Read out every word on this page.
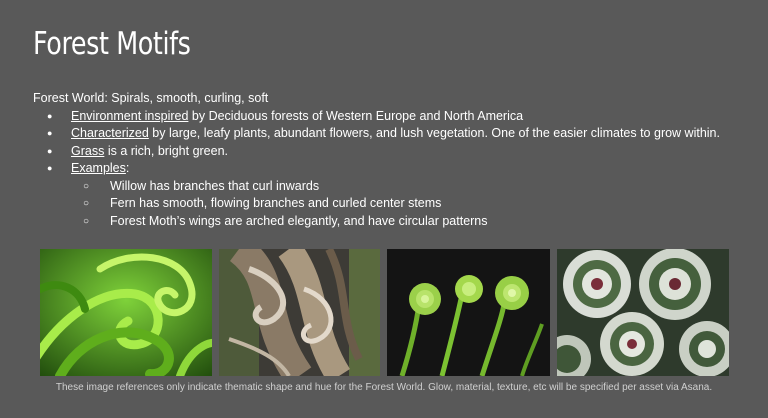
Forest Motifs

Forest World: Spirals, smooth, curling, soft

● Environment inspired by Deciduous forests of Western Europe and North America
● Characterized by large, leafy plants, abundant flowers, and lush vegetation. One of the easier climates to grow within.
● Grass is a rich, bright green.
● Examples:
○ Willow has branches that curl inwards
○ Fern has smooth, flowing branches and curled center stems
○ Forest Moth’s wings are arched elegantly, and have circular patterns
These image references only indicate thematic shape and hue for the Forest World. Glow, material, texture, etc will be specified per asset via Asana.
